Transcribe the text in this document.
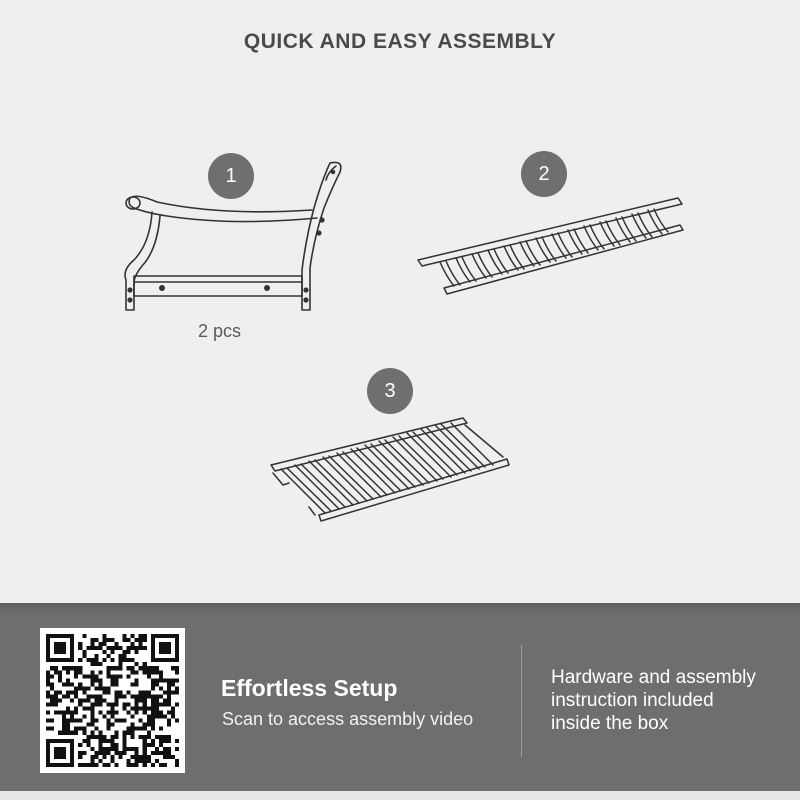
QUICK AND EASY ASSEMBLY
1
2 pcs
2
3
Effortless Setup
Scan to access assembly video
Hardware and assembly
instruction included
inside the box
